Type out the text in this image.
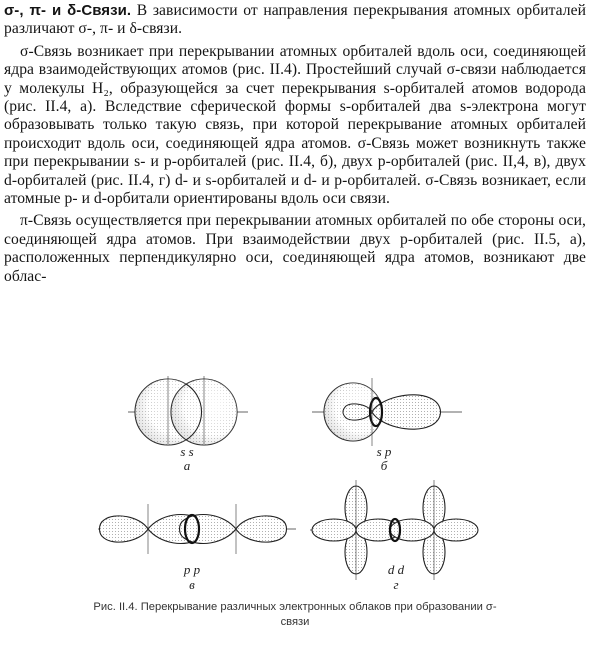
σ-, π- и δ-Связи. В зависимости от направления перекрывания атомных орбиталей различают σ-, π- и δ-связи.

σ-Связь возникает при перекрывании атомных орбиталей вдоль оси, соединяющей ядра взаимодействующих атомов (рис. II.4). Простейший случай σ-связи наблюдается у молекулы H₂, образующейся за счет перекрывания s-орбиталей атомов водорода (рис. II.4, а). Вследствие сферической формы s-орбиталей два s-электрона могут образовывать только такую связь, при которой перекрывание атомных орбиталей происходит вдоль оси, соединяющей ядра атомов. σ-Связь может возникнуть также при перекрывании s- и p-орбиталей (рис. II.4, б), двух p-орбиталей (рис. II,4, в), двух d-орбиталей (рис. II.4, г) d- и s-орбиталей и d- и p-орбиталей. σ-Связь возникает, если атомные p- и d-орбитали ориентированы вдоль оси связи.

π-Связь осуществляется при перекрывании атомных орбиталей по обе стороны оси, соединяющей ядра атомов. При взаимодействии двух p-орбиталей (рис. II.5, а), расположенных перпендикулярно оси, соединяющей ядра атомов, возникают две облас-

s s
а
s p
б
p p
в
d d
г
Рис. II.4. Перекрывание различных электронных облаков при образовании σ-связи
